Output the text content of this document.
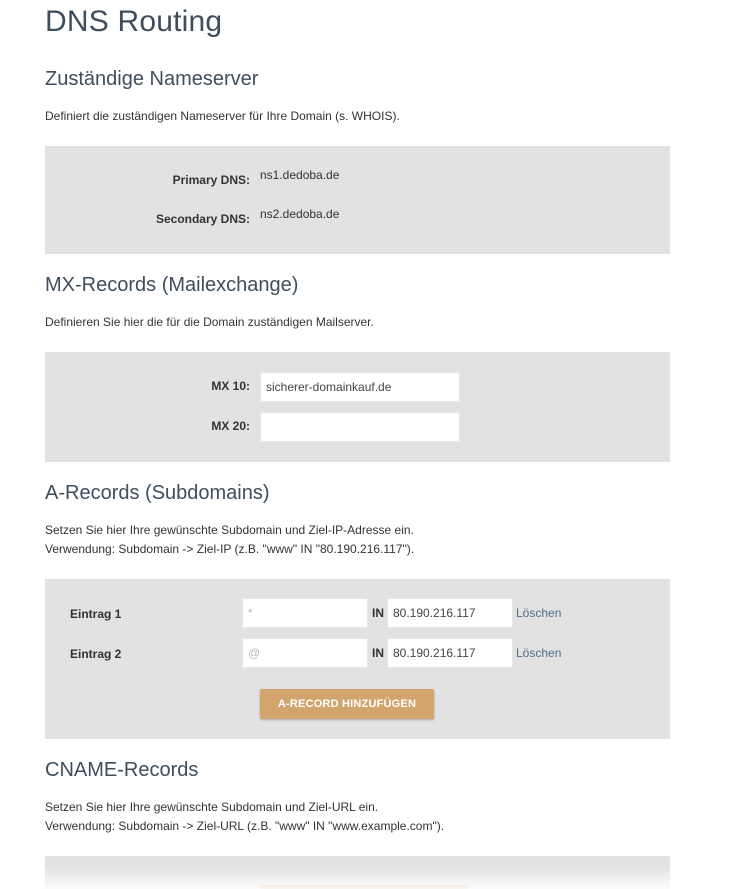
DNS Routing
Zuständige Nameserver
Definiert die zuständigen Nameserver für Ihre Domain (s. WHOIS).
Primary DNS: ns1.dedoba.de
Secondary DNS: ns2.dedoba.de
MX-Records (Mailexchange)
Definieren Sie hier die für die Domain zuständigen Mailserver.
MX 10:	sicherer-domainkauf.de
MX 20:
A-Records (Subdomains)
Setzen Sie hier Ihre gewünschte Subdomain und Ziel-IP-Adresse ein.
Verwendung: Subdomain -> Ziel-IP (z.B. "www" IN "80.190.216.117").
Eintrag 1	*	IN 80.190.216.117	Löschen
Eintrag 2	@	IN 80.190.216.117	Löschen
A-RECORD HINZUFÜGEN
CNAME-Records
Setzen Sie hier Ihre gewünschte Subdomain und Ziel-URL ein.
Verwendung: Subdomain -> Ziel-URL (z.B. "www" IN "www.example.com").
